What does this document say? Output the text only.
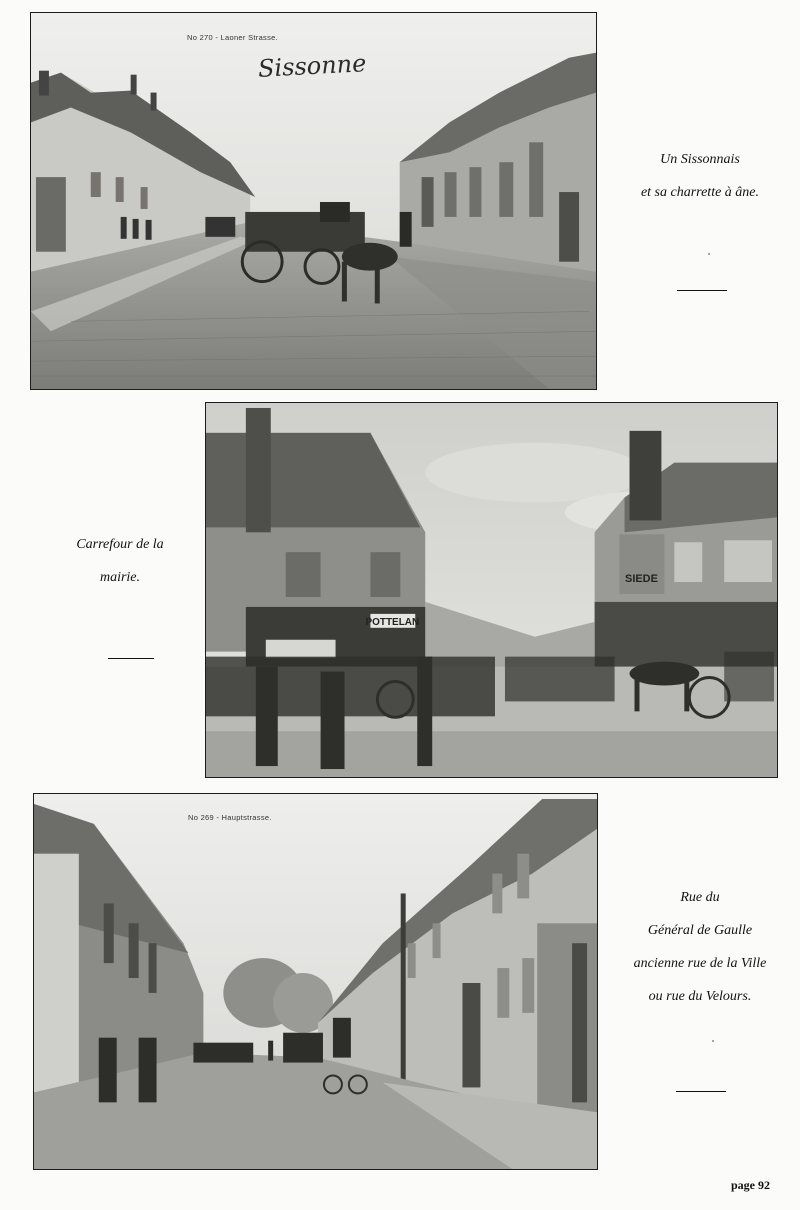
No 270 - Laoner Strasse.
Sissonne
Un Sissonnais
et sa charrette à âne.
POTTELAN
SIEDE
Carrefour de la
mairie.
No 269 - Hauptstrasse.
Rue du
Général de Gaulle
ancienne rue de la Ville
ou rue du Velours.
page 92
